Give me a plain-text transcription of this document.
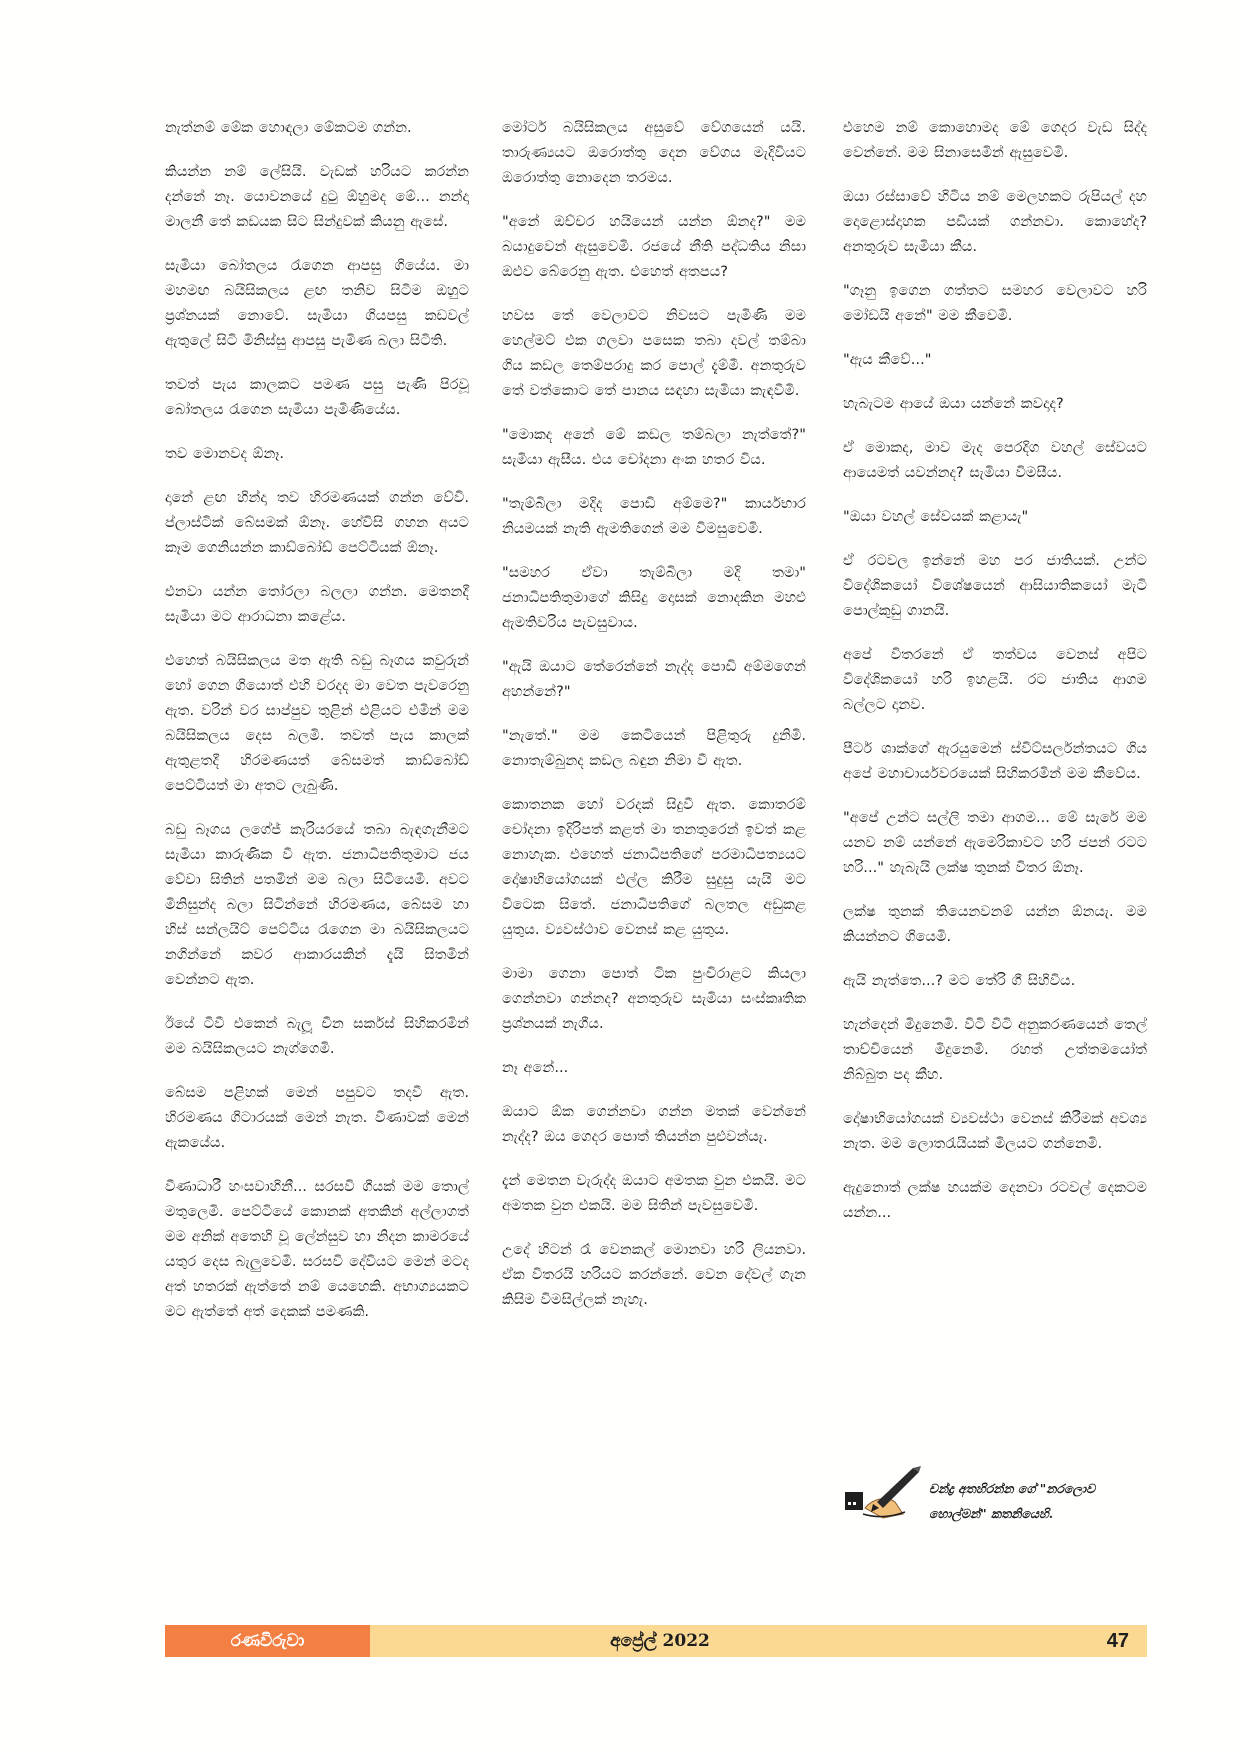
නැත්නම් මේක හොඳලා මේකටම ගන්න.

කියන්න නම් ලේසියි. වැඩක් හරියට කරන්න දන්නේ නෑ. යොවනයේ දුටු ඕහුමද මේ... නන්දා මාලනී තේ කඩයක සිට සින්දුවක් කියනු ඇසේ.

සැමියා බෝතලය රැගෙන ආපසු ගියේය. මා මහමඟ බයිසිකලය ළඟ තනිව සිටීම ඔහුට ප්‍රශ්නයක් නොවේ. සැමියා ගියපසු කඩවල් ඇතුලේ සිටි මිනිස්සු ආපසු පැමිණ බලා සිටිති.

තවත් පැය කාලකට පමණ පසු පැණි පිරවූ බෝතලය රැගෙන සැමියා පැමිණියේය.

තව මොනවද ඕනෑ.

දානේ ළඟ හින්දා තව හිරමණයක් ගන්න වේවි. ප්ලාස්ටික් බේසමක් ඕනෑ. හේවිසි ගහන අයට කෑම ගෙනියන්න කාඩ්බෝඩ් පෙට්ටියක් ඕනෑ.

එනවා යන්න තෝරලා බලලා ගන්න. මෙතනදී සැමියා මට ආරාධනා කළේය.

එහෙත් බයිසිකලය මත ඇති බඩු බෑගය කවුරුන් හෝ ගෙන ගියොත් එහි වරදද මා වෙත පැවරෙනු ඇත. වරින් වර සාප්පුව තුළින් එළියට එමින් මම බයිසිකලය දෙස බලමි. තවත් පැය කාලක් ඇතුළතදී හිරමණයත් බේසමත් කාඩ්බෝඩ් පෙට්ටියත් මා අතට ලැබුණි.

බඩු බෑගය ලගේජ් කැරියරයේ තබා බැඳගැනීමට සැමියා කාරුණික වී ඇත. ජනාධිපතිතුමාට ජය වේවා සිතින් පතමින් මම බලා සිටියෙමි. අවට මිනිසුන්ද බලා සිටින්නේ හිරමණය, බේසම හා හිස් සන්ලයිට් පෙට්ටිය රැගෙන මා බයිසිකලයට නගින්නේ කවර ආකාරයකින් දැයි සිතමින් වෙන්නට ඇත.

ඊයේ ටීවී එකෙන් බැලූ චීන සර්කස් සිහිකරමින් මම බයිසිකලයට නැග්ගෙමි.

බේසම පළිහක් මෙන් පපුවට තදවී ඇත. හිරමණය ගිටාරයක් මෙන් නැත. වීණාවක් මෙන් ඇකයේය.

වීණාධාරී හංසවාහිනී... සරසවි ගීයක් මම තොල් මතුලෙමි. පෙට්ටියේ කොනක් අතකින් අල්ලාගත් මම අනික් අතෙහි වූ ලේන්සුව හා නිදන කාමරයේ යතුර දෙස බැලුවෙමි. සරසවි දේවියට මෙන් මටද අත් හතරක් ඇත්තේ නම් යෙහෙකි. අභාග්‍යයකට මට ඇත්තේ අත් දෙකක් පමණකි.

මෝටර් බයිසිකලය අසුවේ වේගයෙන් යයි. තාරුණ්‍යයට ඔරොත්තු දෙන වේගය මැදිවියට ඔරොත්තු නොදෙන තරමය.

"අනේ ඔච්චර හයියෙන් යන්න ඕනද?" මම බයාදුවෙන් ඇසුවෙමි. රජයේ නීති පද්ධතිය නිසා ඔළුව බේරෙනු ඇත. එහෙත් අතපය?

හවස තේ වෙලාවට නිවසට පැමිණි මම හෙල්මට් එක ගලවා පසෙක තබා දවල් තම්බා ගිය කඩල තෙම්පරාදු කර පොල් දැම්මී. අනතුරුව තේ වත්කොට තේ පානය සඳහා සැමියා කැඳවීමි.

"මොකද අනේ මේ කඩල තම්බලා නැත්තේ?" සැමියා ඇසීය. එය චෝදනා අංක හතර විය.

"තැම්බිලා මදිද පොඩි අම්මෙ?" කාර්යභාර නියමයක් නැති ඇමතිගෙන් මම විමසුවෙමි.

"සමහර ඒවා තැම්බිලා මදි තමා" ජනාධිපතිතුමාගේ කිසිදු දොසක් නොදකින මහළු ඇමතිවරිය පැවසුවාය.

"ඇයි ඔයාට තේරෙන්නේ නැද්ද පොඩි අම්මගෙන් අහන්නේ?"

"නැතේ." මම කෙටියෙන් පිළිතුරු දුනිමි. නොතැම්බුනද කඩල බඳුන නිමා වී ඇත.

කොතනක හෝ වරදක් සිදුවී ඇත. කොතරම් චෝදනා ඉදිරිපත් කළත් මා තනතුරෙන් ඉවත් කළ නොහැක. එහෙත් ජනාධිපතිගේ පරමාධිපත්‍යයට දෝෂාභියෝගයක් එල්ල කිරීම සුදුසු යැයි මට විටෙක සිතේ. ජනාධිපතිගේ බලතල අඩුකළ යුතුය. ව්‍යවස්ථාව වෙනස් කළ යුතුය.

මාමා ගෙනා පොත් ටික පුංචිරාළට කියලා ගෙන්නවා ගන්නද? අනතුරුව සැමියා සංස්කෘතික ප්‍රශ්නයක් නැගීය.

නෑ අනේ...

ඔයාට ඕක ගෙන්නවා ගන්න මතක් වෙන්නේ නැද්ද? ඔය ගෙදර පොත් තියන්න පුළුවන්යැ.

දැන් මෙතන වැරුද්ද ඔයාට අමතක වුන එකයි. මට අමතක වුන එකයි. මම සිතින් පැවසුවෙමි.

උදේ හිටන් රෑ වෙනකල් මොනවා හරි ලියනවා. ඒක විතරයි හරියට කරන්නේ. වෙන දේවල් ගැන කිසිම විමසිල්ලක් නැහැ.

එහෙම නම් කොහොමද මේ ගෙදර වැඩ සිද්ද වෙන්නේ. මම සිනාසෙමින් ඇසුවෙමි.

ඔයා රස්සාවේ හිටිය නම් මෙලහකට රුපියල් දහ දොළොස්දාහක පඩියක් ගන්නවා. කොහේද? අනතුරුව සැමියා කීය.

"ගෑනු ඉගෙන ගත්තට සමහර වෙලාවට හරි මෝඩයි අනේ" මම කීවෙමි.

"ඇය කීවේ..."

හැබැටම ආයේ ඔයා යන්නේ කවදාද?

ඒ මොකද, මාව මැද පෙරදිග වහල් සේවයට ආයෙමත් යවන්නද? සැමියා විමසීය.

"ඔයා වහල් සේවයක් කළායැ"

ඒ රටවල ඉන්නේ මහ පර ජාතියක්. උන්ට විදේශිකයෝ විශේෂයෙන් ආසියාතිකයෝ මැටි පොල්කුඩු ගානයි.

අපේ විතරනේ ඒ තත්වය වෙනස් අපිට විදේශිකයෝ හරි ඉහළයි. රට ජාතිය ආගම බල්ලට දානව.

පීටර් ශාක්ගේ ඇරයුමෙන් ස්විට්සර්ලන්තයට ගිය අපේ මහාචාර්යවරයෙක් සිහිකරමින් මම කීවේය.

"අපේ උන්ට සල්ලි තමා ආගම... මේ සැරේ මම යනව නම් යන්නේ ඇමෙරිකාවට හරි ජපන් රටට හරි..." හැබැයි ලක්ෂ තුනක් විතර ඕනෑ.

ලක්ෂ තුනක් තියෙනවනම් යන්න ඕනයැ. මම කියන්නට ගියෙමි.

ඇයි නැත්තෙ...? මට තේරි ගී සිහිවිය.

හැන්දෙන් මිදුනෙමි. විටි විටි අනුකරණයෙන් තෙල් තාච්චියෙන් මිදුනෙමි. රහත් උත්තමයෝත් නිබ්බුත පද කීහ.

දෝෂාභියෝගයක් ව්‍යවස්ථා වෙනස් කිරීමක් අවශ්‍ය නැත. මම ලොතරැයියක් මිලයට ගන්නෙමි.

ඇදුනොත් ලක්ෂ හයක්ම දෙනවා රටවල් දෙකටම යන්න...

චන්ද්‍ර අතහිරන්න ගේ "නරලොව
හොල්මන්" කතනියෙහි.
රණවිරුවා	අප්‍රේල් 2022	47
